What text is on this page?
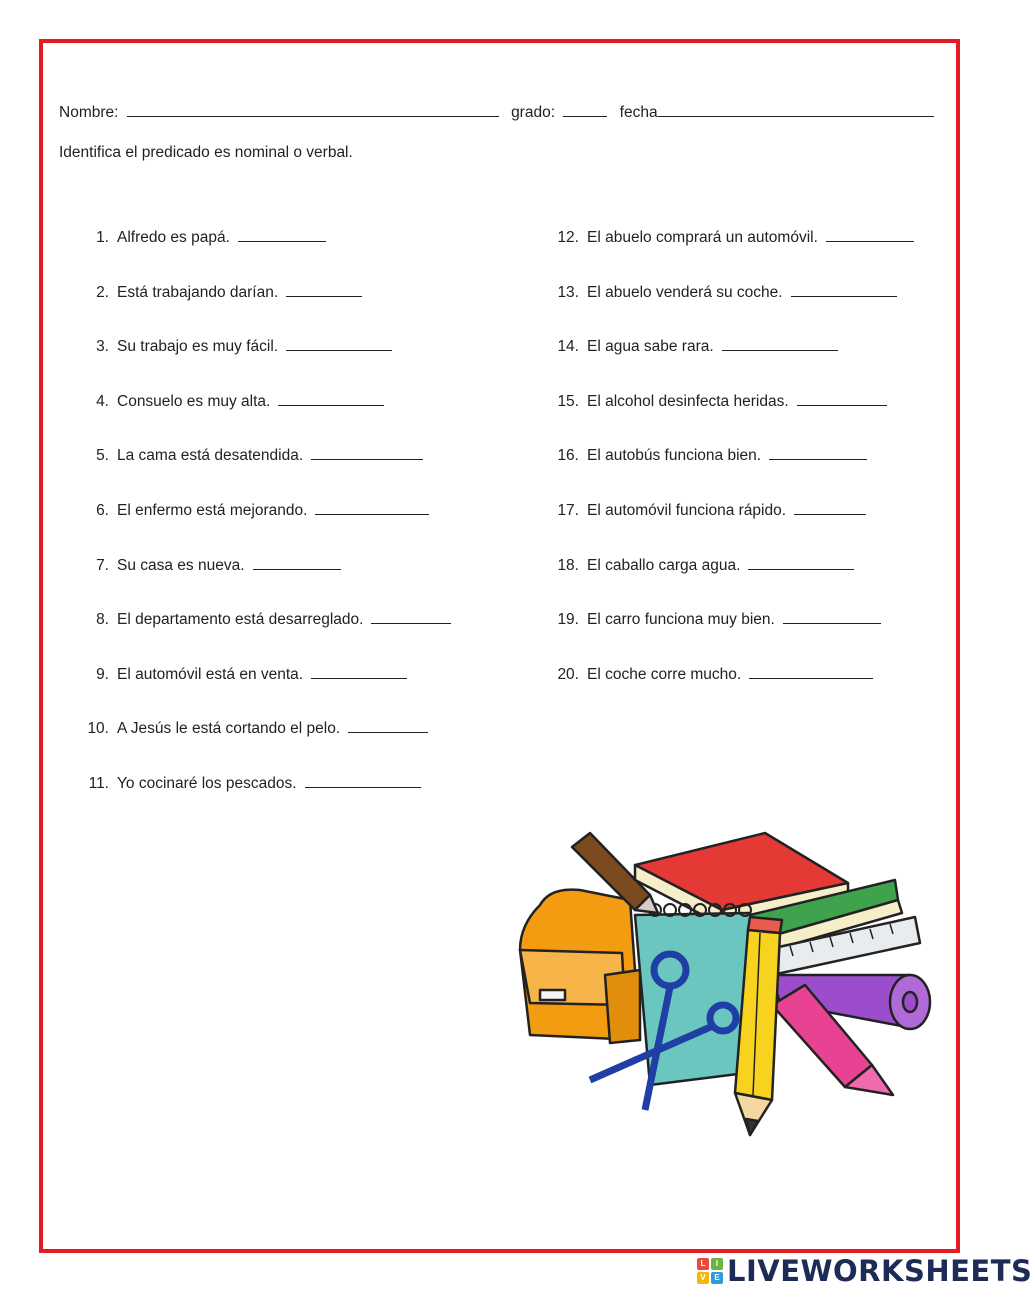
Nombre:	grado:	fecha
Identifica el predicado es nominal o verbal.
1. Alfredo es papá.
2. Está trabajando darían.
3. Su trabajo es muy fácil.
4. Consuelo es muy alta.
5. La cama está desatendida.
6. El enfermo está mejorando.
7. Su casa es nueva.
8. El departamento está desarreglado.
9. El automóvil está en venta.
10. A Jesús le está cortando el pelo.
11. Yo cocinaré los pescados.
12. El abuelo comprará un automóvil.
13. El abuelo venderá su coche.
14. El agua sabe rara.
15. El alcohol desinfecta heridas.
16. El autobús funciona bien.
17. El automóvil funciona rápido.
18. El caballo carga agua.
19. El carro funciona muy bien.
20. El coche corre mucho.
L	I
V	E LIVEWORKSHEETS
